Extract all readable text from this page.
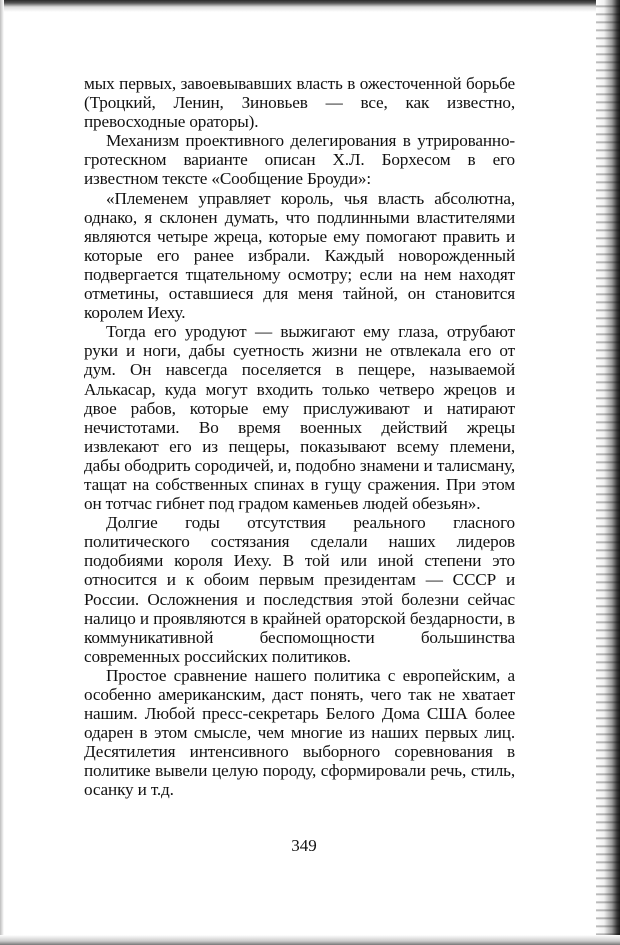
мых первых, завоевывавших власть в ожесточенной борьбе (Троцкий, Ленин, Зиновьев — все, как известно, превосходные ораторы).

Механизм проективного делегирования в утрированно-гротескном варианте описан Х.Л. Борхесом в его известном тексте «Сообщение Броуди»:

«Племенем управляет король, чья власть абсолютна, однако, я склонен думать, что подлинными властителями являются четыре жреца, которые ему помогают править и которые его ранее избрали. Каждый новорожденный подвергается тщательному осмотру; если на нем находят отметины, оставшиеся для меня тайной, он становится королем Иеху.

Тогда его уродуют — выжигают ему глаза, отрубают руки и ноги, дабы суетность жизни не отвлекала его от дум. Он навсегда поселяется в пещере, называемой Алькасар, куда могут входить только четверо жрецов и двое рабов, которые ему прислуживают и натирают нечистотами. Во время военных действий жрецы извлекают его из пещеры, показывают всему племени, дабы ободрить сородичей, и, подобно знамени и талисману, тащат на собственных спинах в гущу сражения. При этом он тотчас гибнет под градом каменьев людей обезьян».

Долгие годы отсутствия реального гласного политического состязания сделали наших лидеров подобиями короля Иеху. В той или иной степени это относится и к обоим первым президентам — СССР и России. Осложнения и последствия этой болезни сейчас налицо и проявляются в крайней ораторской бездарности, в коммуникативной беспомощности большинства современных российских политиков.

Простое сравнение нашего политика с европейским, а особенно американским, даст понять, чего так не хватает нашим. Любой пресс-секретарь Белого Дома США более одарен в этом смысле, чем многие из наших первых лиц. Десятилетия интенсивного выборного соревнования в политике вывели целую породу, сформировали речь, стиль, осанку и т.д.

349
